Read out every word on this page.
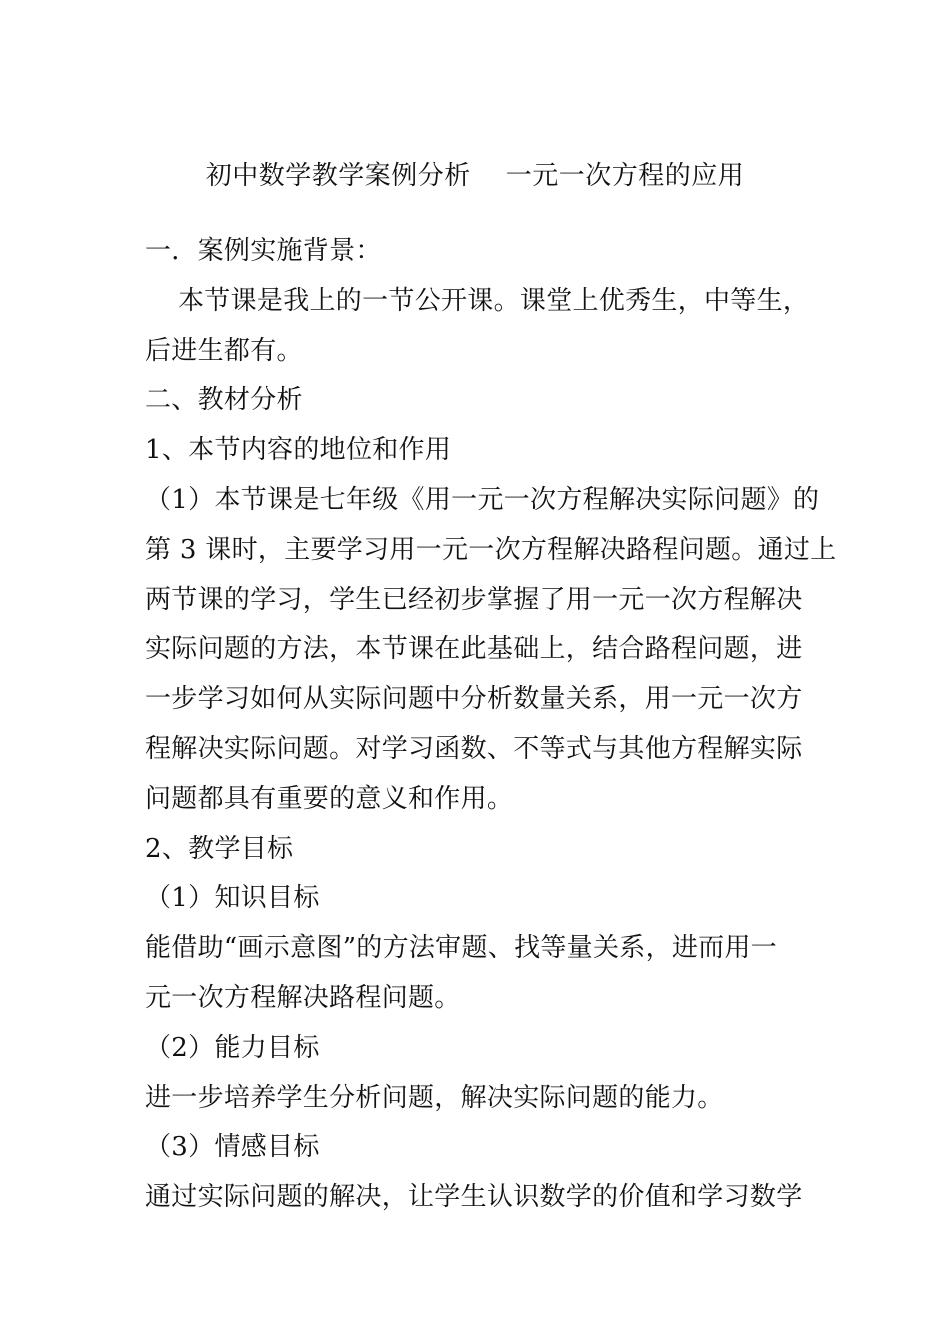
初中数学教学案例分析    一元一次方程的应用
一．案例实施背景：
本节课是我上的一节公开课。课堂上优秀生，中等生，
后进生都有。
二、教材分析
1、本节内容的地位和作用
（1）本节课是七年级《用一元一次方程解决实际问题》的
第 3 课时，主要学习用一元一次方程解决路程问题。通过上
两节课的学习，学生已经初步掌握了用一元一次方程解决
实际问题的方法，本节课在此基础上，结合路程问题，进
一步学习如何从实际问题中分析数量关系，用一元一次方
程解决实际问题。对学习函数、不等式与其他方程解实际
问题都具有重要的意义和作用。
2、教学目标
（1）知识目标
能借助“画示意图”的方法审题、找等量关系，进而用一
元一次方程解决路程问题。
（2）能力目标
进一步培养学生分析问题，解决实际问题的能力。
（3）情感目标
通过实际问题的解决，让学生认识数学的价值和学习数学
